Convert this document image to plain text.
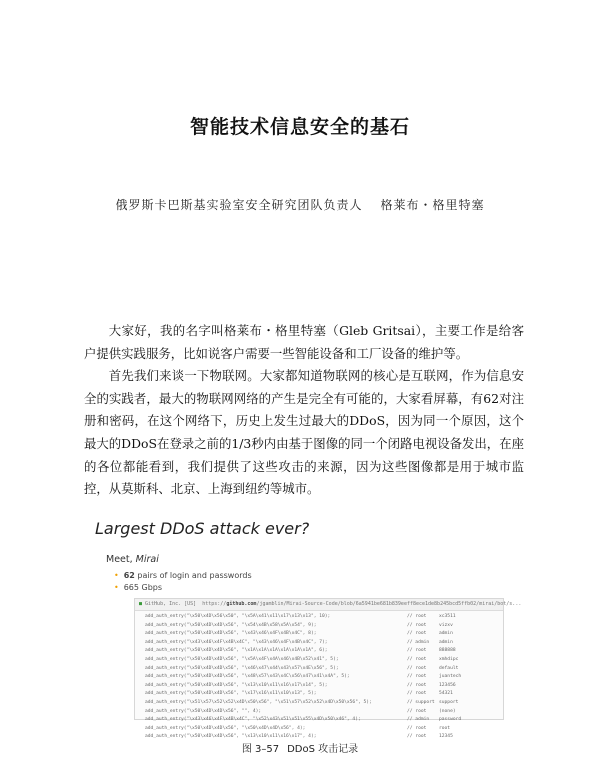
智能技术信息安全的基石
俄罗斯卡巴斯基实验室安全研究团队负责人 格莱布・格里特塞

大家好，我的名字叫格莱布・格里特塞（Gleb Gritsai），主要工作是给客户提供实践服务，比如说客户需要一些智能设备和工厂设备的维护等。

首先我们来谈一下物联网。大家都知道物联网的核心是互联网，作为信息安全的实践者，最大的物联网网络的产生是完全有可能的，大家看屏幕，有62对注册和密码，在这个网络下，历史上发生过最大的DDoS，因为同一个原因，这个最大的DDoS在登录之前的1/3秒内由基于图像的同一个闭路电视设备发出，在座的各位都能看到，我们提供了这些攻击的来源，因为这些图像都是用于城市监控，从莫斯科、北京、上海到纽约等城市。

Largest DDoS attack ever?
Meet, Mirai
• 62 pairs of login and passwords
• 665 Gbps
■ GitHub, Inc. [US] https://github.com/jgamblin/Mirai-Source-Code/blob/6a5941be681b839eeff8ece1de8b245bcd5ffb02/mirai/bot/s...
add_auth_entry("\x50\x4D\x56\x50", "\x5A\x41\x11\x17\x13\x13", 10);	// root	xc3511
add_auth_entry("\x50\x4D\x4D\x56", "\x54\x4B\x58\x5A\x54", 9);	// root	vizxv
add_auth_entry("\x50\x4D\x4D\x56", "\x43\x46\x4F\x4B\x4C", 8);	// root	admin
add_auth_entry("\x43\x46\x4F\x4B\x4C", "\x43\x46\x4F\x4B\x4C", 7);	// admin	admin
add_auth_entry("\x50\x4D\x4D\x56", "\x1A\x1A\x1A\x1A\x1A\x1A", 6);	// root	888888
add_auth_entry("\x50\x4D\x4D\x56", "\x5A\x4F\x4A\x46\x4B\x52\x41", 5);	// root	xmhdipc
add_auth_entry("\x50\x4D\x4D\x56", "\x46\x47\x44\x43\x57\x4E\x56", 5);	// root	default
add_auth_entry("\x50\x4D\x4D\x56", "\x48\x57\x43\x4C\x56\x47\x41\x4A", 5);	// root	juantech
add_auth_entry("\x50\x4D\x4D\x56", "\x13\x10\x11\x16\x17\x14", 5);	// root	123456
add_auth_entry("\x50\x4D\x4D\x56", "\x17\x16\x11\x10\x13", 5);	// root	54321
add_auth_entry("\x51\x57\x52\x52\x4D\x50\x56", "\x51\x57\x52\x52\x4D\x50\x56", 5);	// support support
add_auth_entry("\x50\x4D\x4D\x56", "", 4);	// root	(none)
add_auth_entry("\x43\x46\x4F\x4B\x4C", "\x52\x43\x51\x51\x55\x4D\x50\x46", 4);	// admin	password
add_auth_entry("\x50\x4D\x4D\x56", "\x50\x4D\x4D\x56", 4);	// root	root
add_auth_entry("\x50\x4D\x4D\x56", "\x13\x10\x11\x16\x17", 4);	// root	12345
图 3–57 DDoS 攻击记录
